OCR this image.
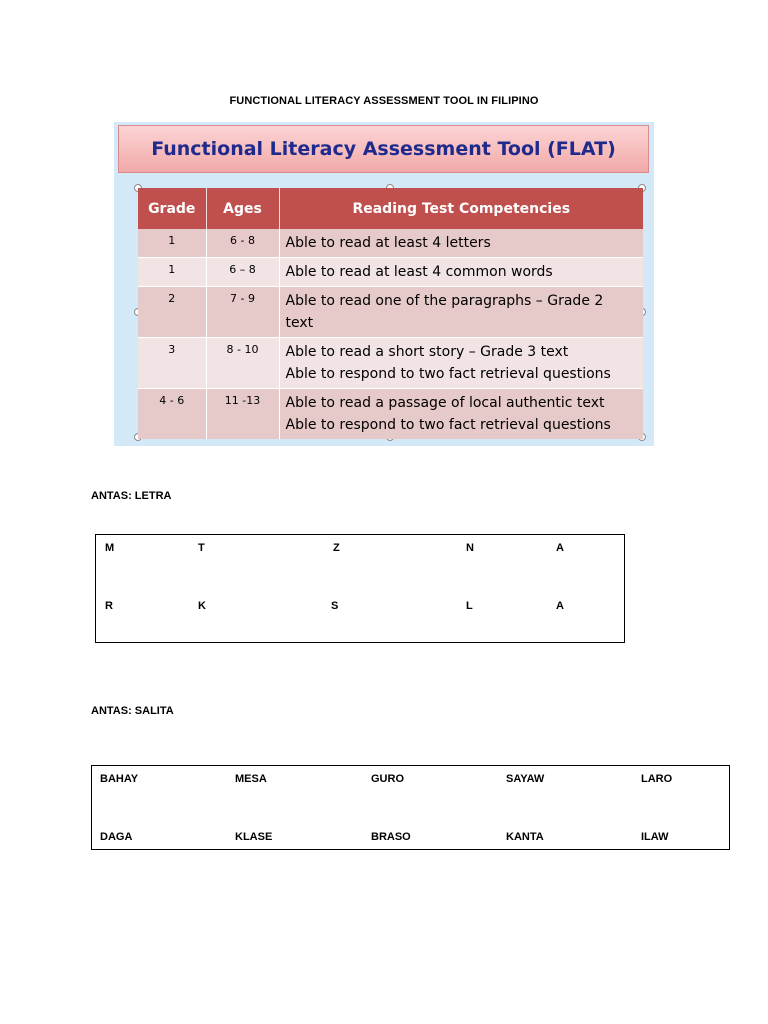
FUNCTIONAL LITERACY ASSESSMENT TOOL IN FILIPINO
Functional Literacy Assessment Tool (FLAT)
Grade	Ages	Reading Test Competencies
1	6 - 8	Able to read at least 4 letters
1	6 – 8	Able to read at least 4 common words
2	7 - 9	Able to read one of the paragraphs – Grade 2
text

3	8 - 10	Able to read a short story – Grade 3 text
Able to respond to two fact retrieval questions

4 - 6	11 -13	Able to read a passage of local authentic text
Able to respond to two fact retrieval questions
ANTAS: LETRA
M	T	Z	N	A
R	K	S	L	A
ANTAS: SALITA
BAHAY	MESA	GURO	SAYAW	LARO
DAGA	KLASE	BRASO	KANTA	ILAW
